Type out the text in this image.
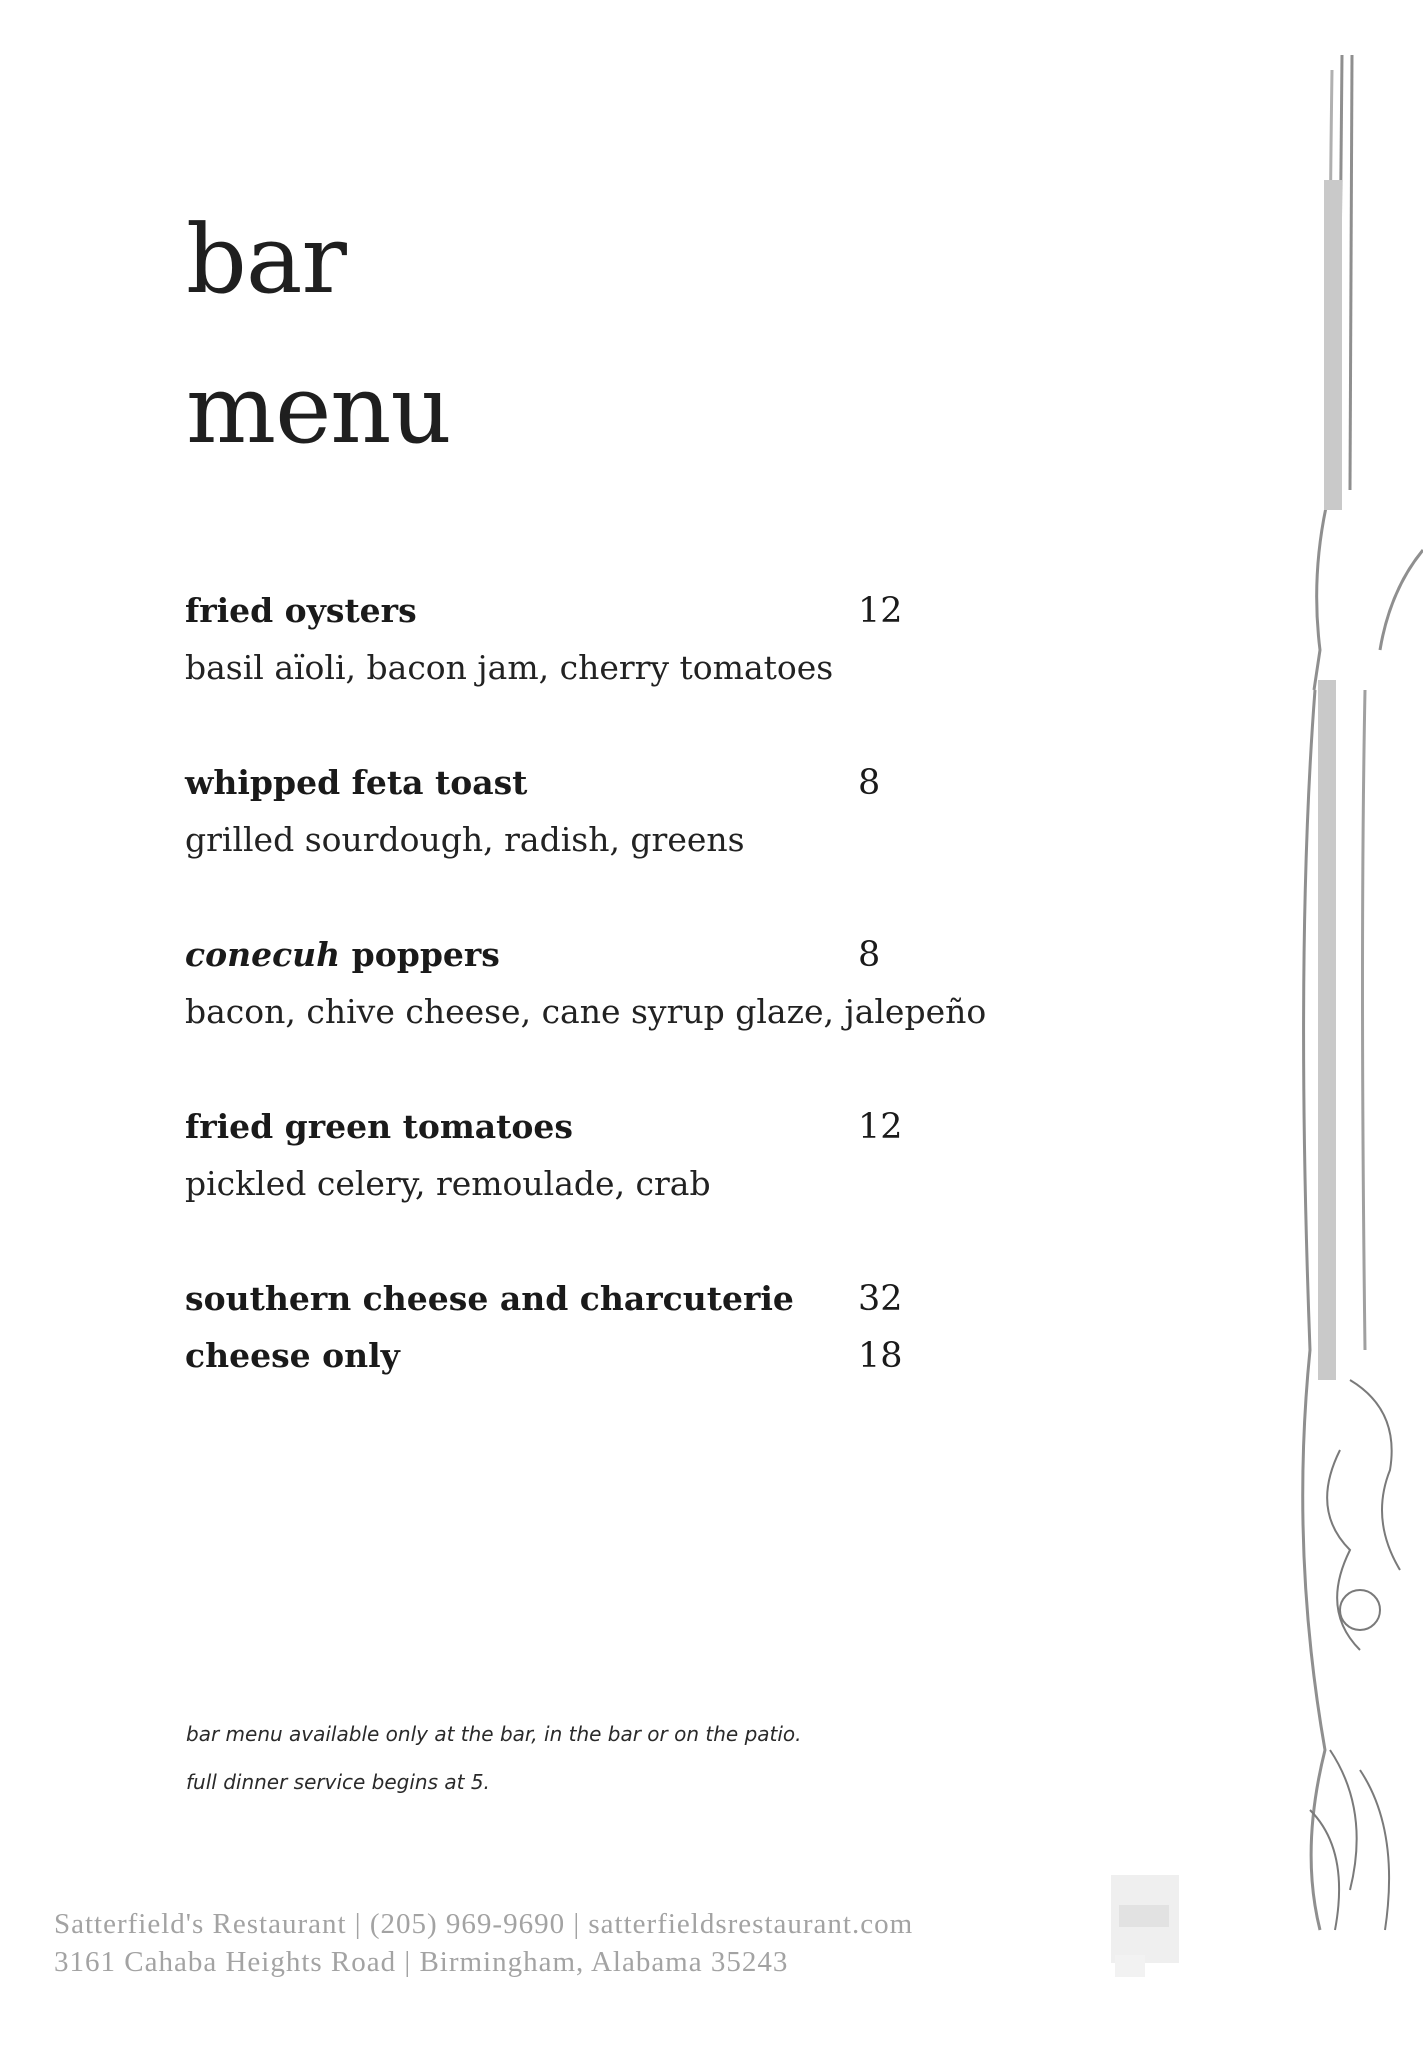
bar
menu
fried oysters	12
basil aïoli, bacon jam, cherry tomatoes
whipped feta toast	8
grilled sourdough, radish, greens
conecuh poppers	8
bacon, chive cheese, cane syrup glaze, jalepeño
fried green tomatoes	12
pickled celery, remoulade, crab
southern cheese and charcuterie 32
cheese only	18

bar menu available only at the bar, in the bar or on the patio.

full dinner service begins at 5.

Satterfield's Restaurant | (205) 969-9690 | satterfieldsrestaurant.com
3161 Cahaba Heights Road | Birmingham, Alabama 35243
